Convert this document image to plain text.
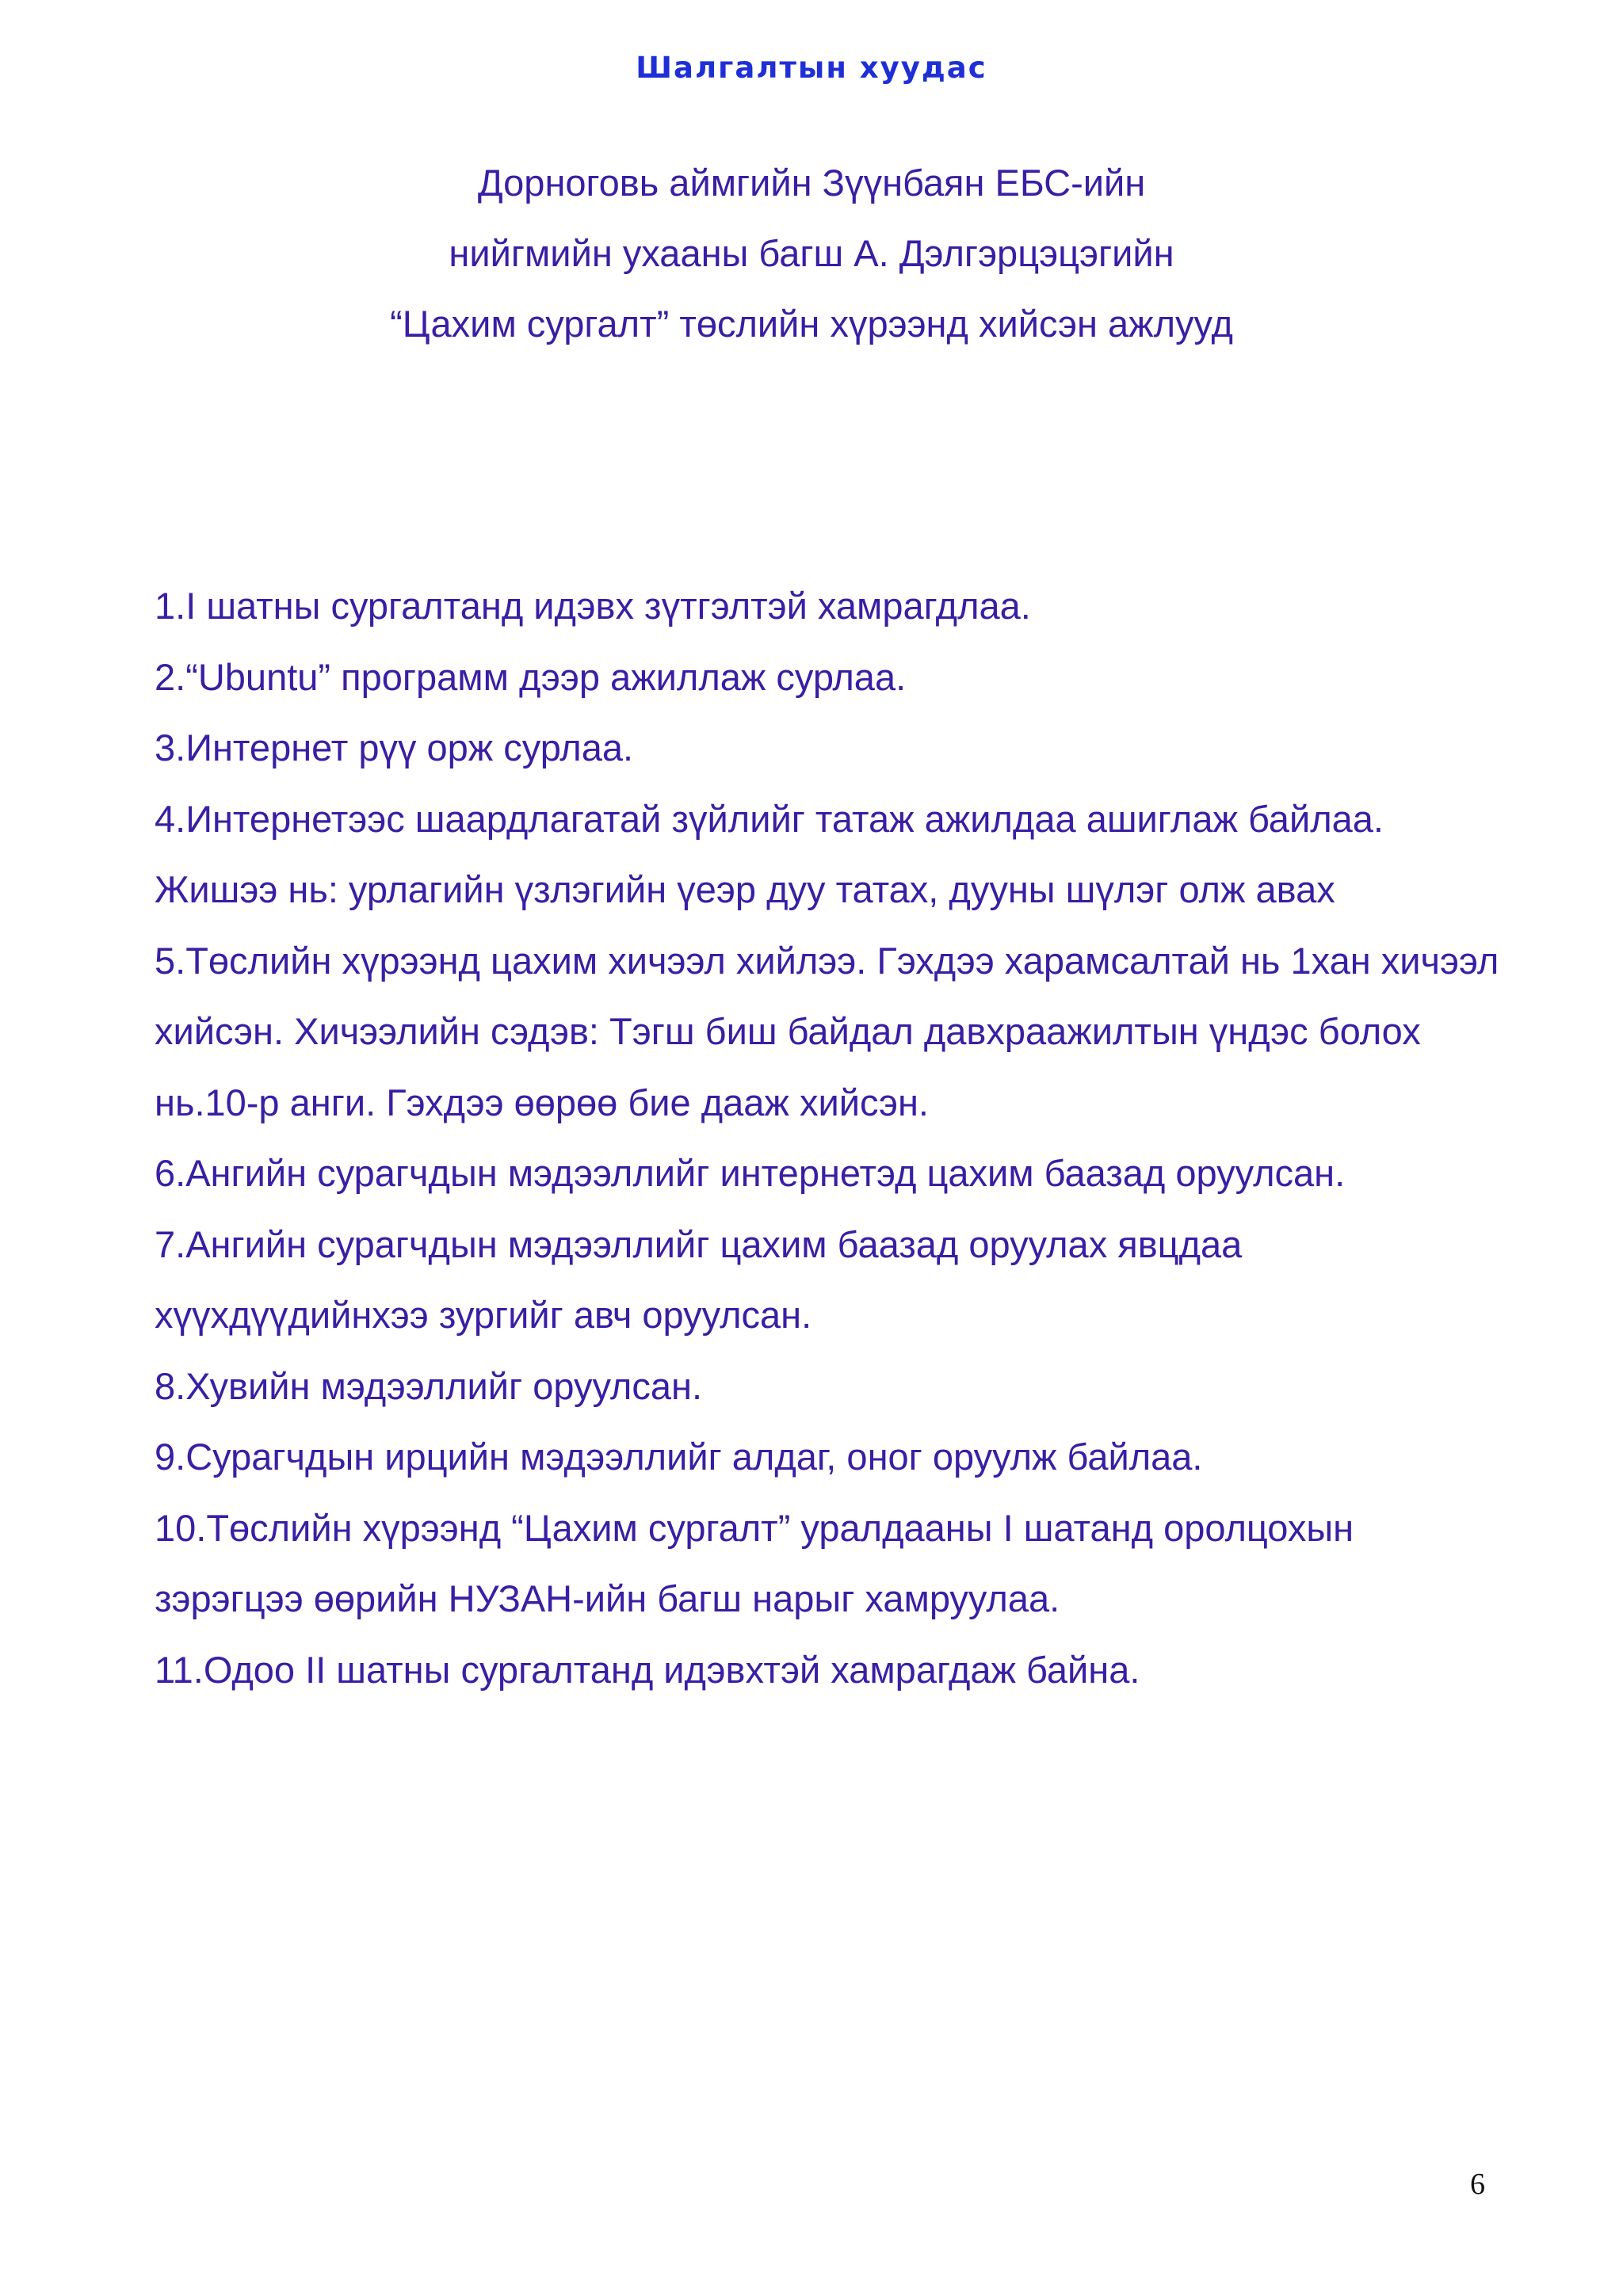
Шалгалтын хуудас
Дорноговь аймгийн Зүүнбаян ЕБС-ийн
нийгмийн ухааны багш А. Дэлгэрцэцэгийн
“Цахим сургалт” төслийн хүрээнд хийсэн ажлууд
1.I шатны сургалтанд идэвх зүтгэлтэй хамрагдлаа.
2.“Ubuntu” программ дээр ажиллаж сурлаа.
3.Интернет рүү орж сурлаа.
4.Интернетээс шаардлагатай зүйлийг татаж ажилдаа ашиглаж байлаа. Жишээ нь: урлагийн үзлэгийн үеэр дуу татах, дууны шүлэг олж авах
5.Төслийн хүрээнд цахим хичээл хийлээ. Гэхдээ харамсалтай нь 1хан хичээл хийсэн. Хичээлийн сэдэв: Тэгш биш байдал давхраажилтын үндэс болох нь.10-р анги. Гэхдээ өөрөө бие дааж хийсэн.
6.Ангийн сурагчдын мэдээллийг интернетэд цахим баазад оруулсан.
7.Ангийн сурагчдын мэдээллийг цахим баазад оруулах явцдаа хүүхдүүдийнхээ зургийг авч оруулсан.
8.Хувийн мэдээллийг оруулсан.
9.Сурагчдын ирцийн мэдээллийг алдаг, оног оруулж байлаа.
10.Төслийн хүрээнд “Цахим сургалт” уралдааны I шатанд оролцохын зэрэгцээ өөрийн НУЗАН-ийн багш нарыг хамруулаа.
11.Одоо II шатны сургалтанд идэвхтэй хамрагдаж байна.
6
